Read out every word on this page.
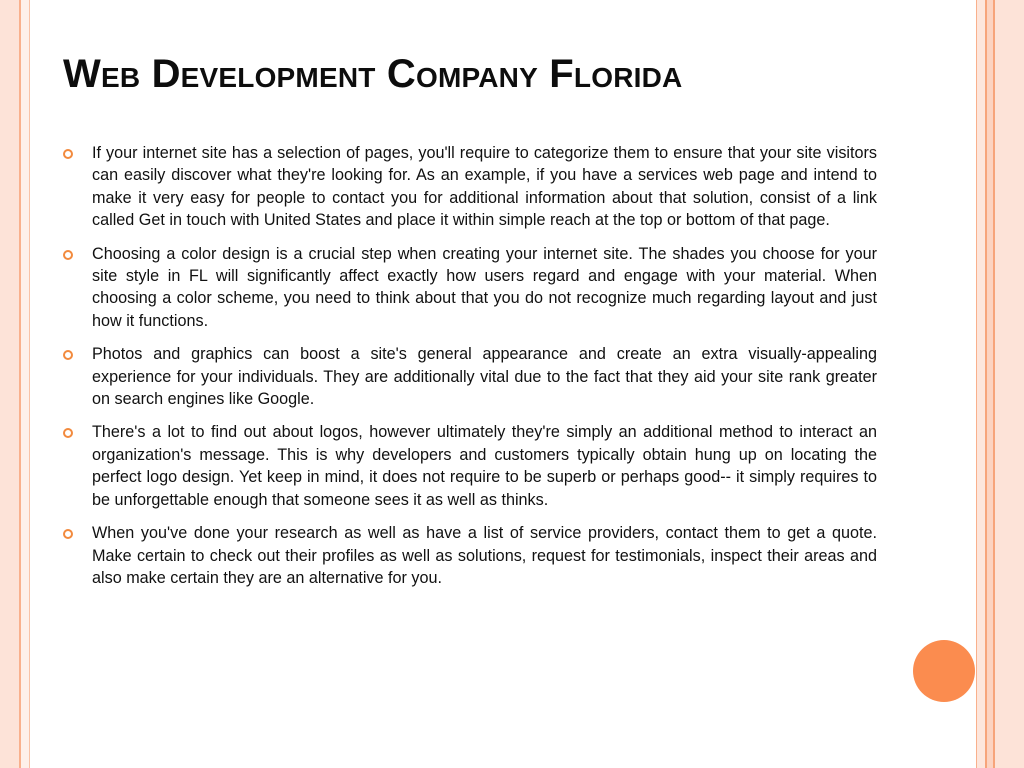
Web Development Company Florida
If your internet site has a selection of pages, you'll require to categorize them to ensure that your site visitors can easily discover what they're looking for. As an example, if you have a services web page and intend to make it very easy for people to contact you for additional information about that solution, consist of a link called Get in touch with United States and place it within simple reach at the top or bottom of that page.
Choosing a color design is a crucial step when creating your internet site. The shades you choose for your site style in FL will significantly affect exactly how users regard and engage with your material. When choosing a color scheme, you need to think about that you do not recognize much regarding layout and just how it functions.
Photos and graphics can boost a site's general appearance and create an extra visually-appealing experience for your individuals. They are additionally vital due to the fact that they aid your site rank greater on search engines like Google.
There's a lot to find out about logos, however ultimately they're simply an additional method to interact an organization's message. This is why developers and customers typically obtain hung up on locating the perfect logo design. Yet keep in mind, it does not require to be superb or perhaps good-- it simply requires to be unforgettable enough that someone sees it as well as thinks.
When you've done your research as well as have a list of service providers, contact them to get a quote. Make certain to check out their profiles as well as solutions, request for testimonials, inspect their areas and also make certain they are an alternative for you.
